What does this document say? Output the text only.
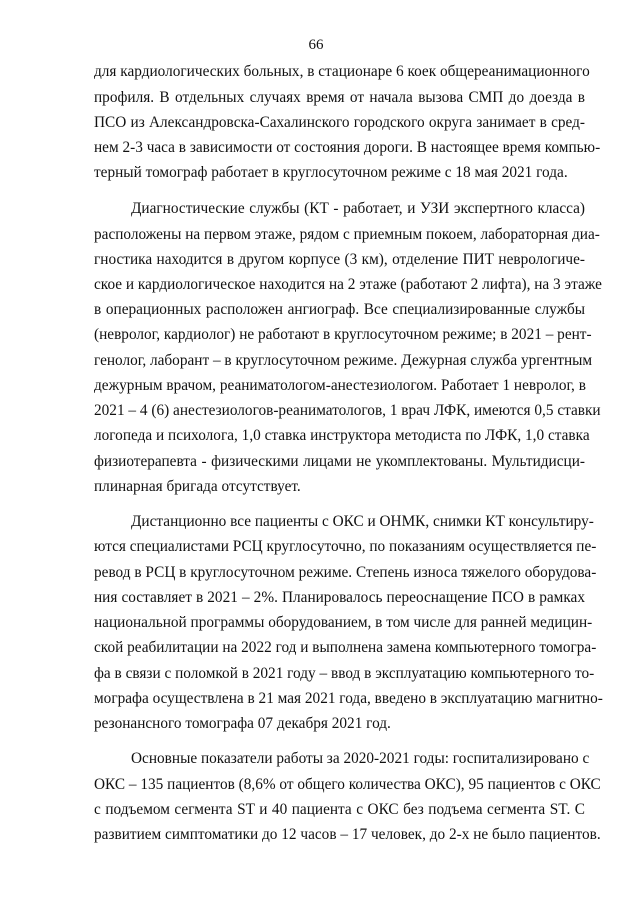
66
для кардиологических больных, в стационаре 6 коек общереанимационного
профиля. В отдельных случаях время от начала вызова СМП до доезда в
ПСО из Александровска-Сахалинского городского округа занимает в сред-
нем 2-3 часа в зависимости от состояния дороги. В настоящее время компью-
терный томограф работает в круглосуточном режиме с 18 мая 2021 года.
Диагностические службы (КТ - работает, и УЗИ экспертного класса)
расположены на первом этаже, рядом с приемным покоем, лабораторная диа-
гностика находится в другом корпусе (3 км), отделение ПИТ неврологиче-
ское и кардиологическое находится на 2 этаже (работают 2 лифта), на 3 этаже
в операционных расположен ангиограф. Все специализированные службы
(невролог, кардиолог) не работают в круглосуточном режиме; в 2021 – рент-
генолог, лаборант – в круглосуточном режиме. Дежурная служба ургентным
дежурным врачом, реаниматологом-анестезиологом. Работает 1 невролог, в
2021 – 4 (6) анестезиологов-реаниматологов, 1 врач ЛФК, имеются 0,5 ставки
логопеда и психолога, 1,0 ставка инструктора методиста по ЛФК, 1,0 ставка
физиотерапевта - физическими лицами не укомплектованы. Мультидисци-
плинарная бригада отсутствует.
Дистанционно все пациенты с ОКС и ОНМК, снимки КТ консультиру-
ются специалистами РСЦ круглосуточно, по показаниям осуществляется пе-
ревод в РСЦ в круглосуточном режиме. Степень износа тяжелого оборудова-
ния составляет в 2021 – 2%. Планировалось переоснащение ПСО в рамках
национальной программы оборудованием, в том числе для ранней медицин-
ской реабилитации на 2022 год и выполнена замена компьютерного томогра-
фа в связи с поломкой в 2021 году – ввод в эксплуатацию компьютерного то-
мографа осуществлена в 21 мая 2021 года, введено в эксплуатацию магнитно-
резонансного томографа 07 декабря 2021 год.
Основные показатели работы за 2020-2021 годы: госпитализировано с
ОКС – 135 пациентов (8,6% от общего количества ОКС), 95 пациентов с ОКС
с подъемом сегмента ST и 40 пациента с ОКС без подъема сегмента ST. С
развитием симптоматики до 12 часов – 17 человек, до 2-х не было пациентов.
